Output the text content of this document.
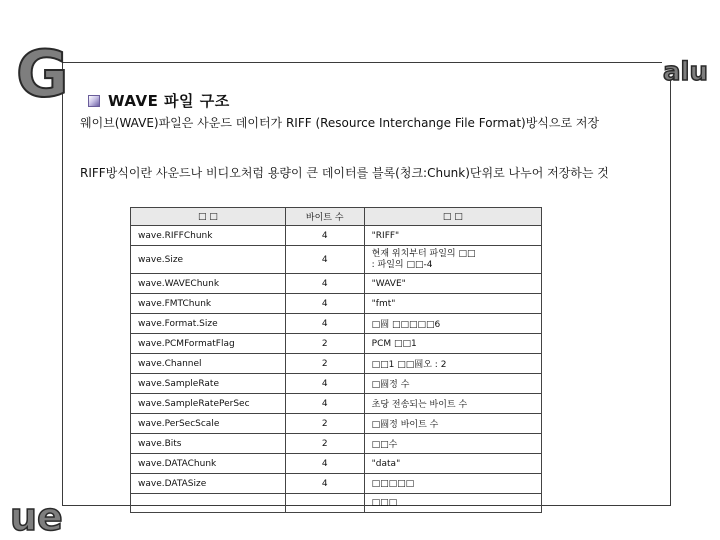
G	alu
ue
WAVE 파일 구조
웨이브(WAVE)파일은 사운드 데이터가 RIFF (Resource Interchange File Format)방식으로 저장
RIFF방식이란 사운드나 비디오처럼 용량이 큰 데이터를 블록(청크:Chunk)단위로 나누어 저장하는 것
□ □	바이트 수	□ □
wave.RIFFChunk	4	"RIFF"
wave.Size	4	현재 위치부터 파일의 □□
: 파일의 □□-4
wave.WAVEChunk	4	"WAVE"
wave.FMTChunk	4	"fmt"
wave.Format.Size	4	□圆 □□□□□6
wave.PCMFormatFlag	2	PCM □□1
wave.Channel	2	□□1 □□圆오 : 2
wave.SampleRate	4	□圆정 수
wave.SampleRatePerSec	4	초당 전송되는 바이트 수
wave.PerSecScale	2	□圆정 바이트 수
wave.Bits	2	□□수
wave.DATAChunk	4	"data"
wave.DATASize	4	□□□□□
		□□□
